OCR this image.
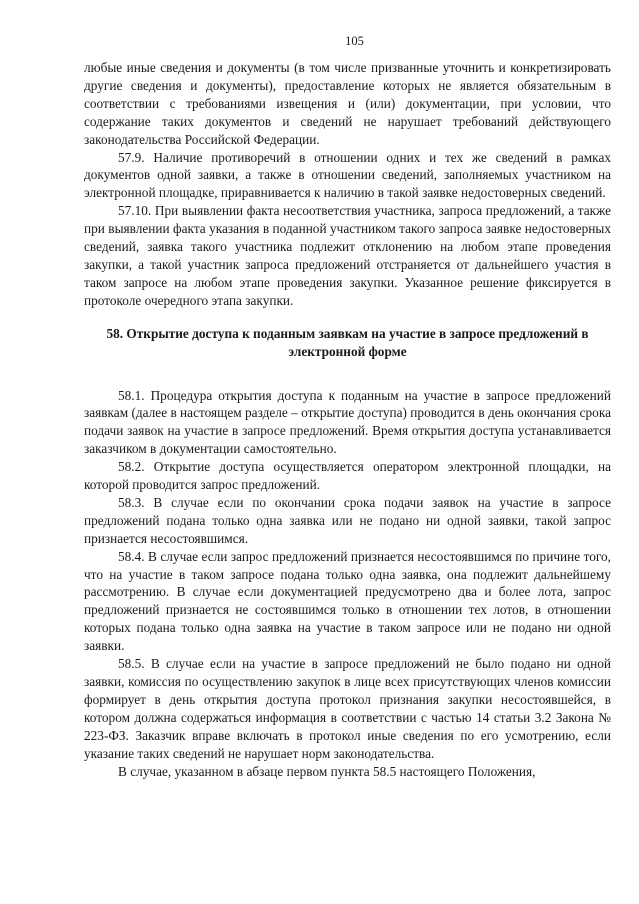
105

любые иные сведения и документы (в том числе призванные уточнить и конкретизировать другие сведения и документы), предоставление которых не является обязательным в соответствии с требованиями извещения и (или) документации, при условии, что содержание таких документов и сведений не нарушает требований действующего законодательства Российской Федерации.

57.9. Наличие противоречий в отношении одних и тех же сведений в рамках документов одной заявки, а также в отношении сведений, заполняемых участником на электронной площадке, приравнивается к наличию в такой заявке недостоверных сведений.

57.10. При выявлении факта несоответствия участника, запроса предложений, а также при выявлении факта указания в поданной участником такого запроса заявке недостоверных сведений, заявка такого участника подлежит отклонению на любом этапе проведения закупки, а такой участник запроса предложений отстраняется от дальнейшего участия в таком запросе на любом этапе проведения закупки. Указанное решение фиксируется в протоколе очередного этапа закупки.

58. Открытие доступа к поданным заявкам на участие в запросе предложений в электронной форме

58.1. Процедура открытия доступа к поданным на участие в запросе предложений заявкам (далее в настоящем разделе – открытие доступа) проводится в день окончания срока подачи заявок на участие в запросе предложений. Время открытия доступа устанавливается заказчиком в документации самостоятельно.

58.2. Открытие доступа осуществляется оператором электронной площадки, на которой проводится запрос предложений.

58.3. В случае если по окончании срока подачи заявок на участие в запросе предложений подана только одна заявка или не подано ни одной заявки, такой запрос признается несостоявшимся.

58.4. В случае если запрос предложений признается несостоявшимся по причине того, что на участие в таком запросе подана только одна заявка, она подлежит дальнейшему рассмотрению. В случае если документацией предусмотрено два и более лота, запрос предложений признается не состоявшимся только в отношении тех лотов, в отношении которых подана только одна заявка на участие в таком запросе или не подано ни одной заявки.

58.5. В случае если на участие в запросе предложений не было подано ни одной заявки, комиссия по осуществлению закупок в лице всех присутствующих членов комиссии формирует в день открытия доступа протокол признания закупки несостоявшейся, в котором должна содержаться информация в соответствии с частью 14 статьи 3.2 Закона № 223-ФЗ. Заказчик вправе включать в протокол иные сведения по его усмотрению, если указание таких сведений не нарушает норм законодательства.

В случае, указанном в абзаце первом пункта 58.5 настоящего Положения,
